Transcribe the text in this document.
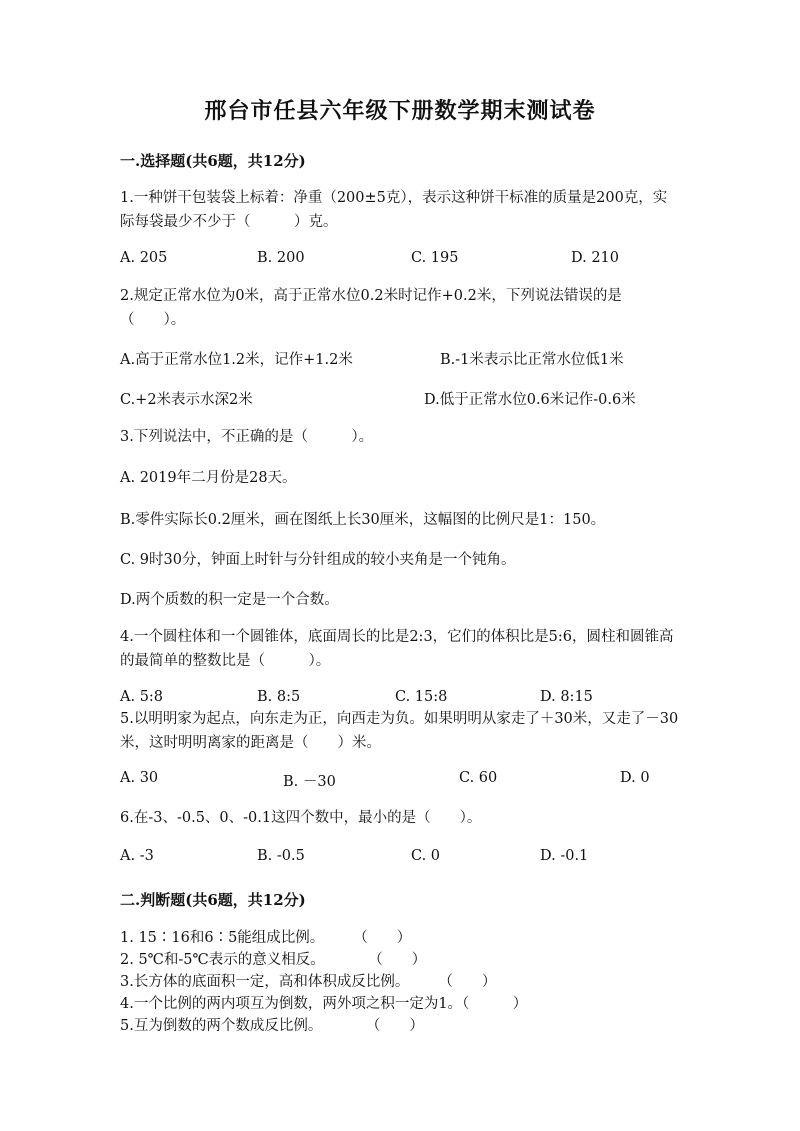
邢台市任县六年级下册数学期末测试卷
一.选择题(共6题，共12分)
1.一种饼干包装袋上标着：净重（200±5克），表示这种饼干标准的质量是200克，实际每袋最少不少于（　　　）克。
A. 205	B. 200	C. 195	D. 210
2.规定正常水位为0米，高于正常水位0.2米时记作+0.2米，下列说法错误的是（　　）。
A.高于正常水位1.2米，记作+1.2米	B.-1米表示比正常水位低1米
C.+2米表示水深2米	D.低于正常水位0.6米记作-0.6米
3.下列说法中，不正确的是（　　　）。
A. 2019年二月份是28天。
B.零件实际长0.2厘米，画在图纸上长30厘米，这幅图的比例尺是1：150。
C. 9时30分，钟面上时针与分针组成的较小夹角是一个钝角。
D.两个质数的积一定是一个合数。
4.一个圆柱体和一个圆锥体，底面周长的比是2:3，它们的体积比是5:6，圆柱和圆锥高的最简单的整数比是（　　　）。
A. 5:8	B. 8:5	C. 15:8	D. 8:15
5.以明明家为起点，向东走为正，向西走为负。如果明明从家走了＋30米，又走了－30米，这时明明离家的距离是（　　）米。
A. 30	B. －30	C. 60	D. 0
6.在-3、-0.5、0、-0.1这四个数中，最小的是（　　）。
A. -3	B. -0.5	C. 0	D. -0.1
二.判断题(共6题，共12分)
1. 15∶16和6∶5能组成比例。　　　（　　）
2. 5℃和-5℃表示的意义相反。　　　　（　　）
3.长方体的底面积一定，高和体积成反比例。　　　（　　）
4.一个比例的两内项互为倒数，两外项之积一定为1。（　　　）
5.互为倒数的两个数成反比例。　　　　（　　）
